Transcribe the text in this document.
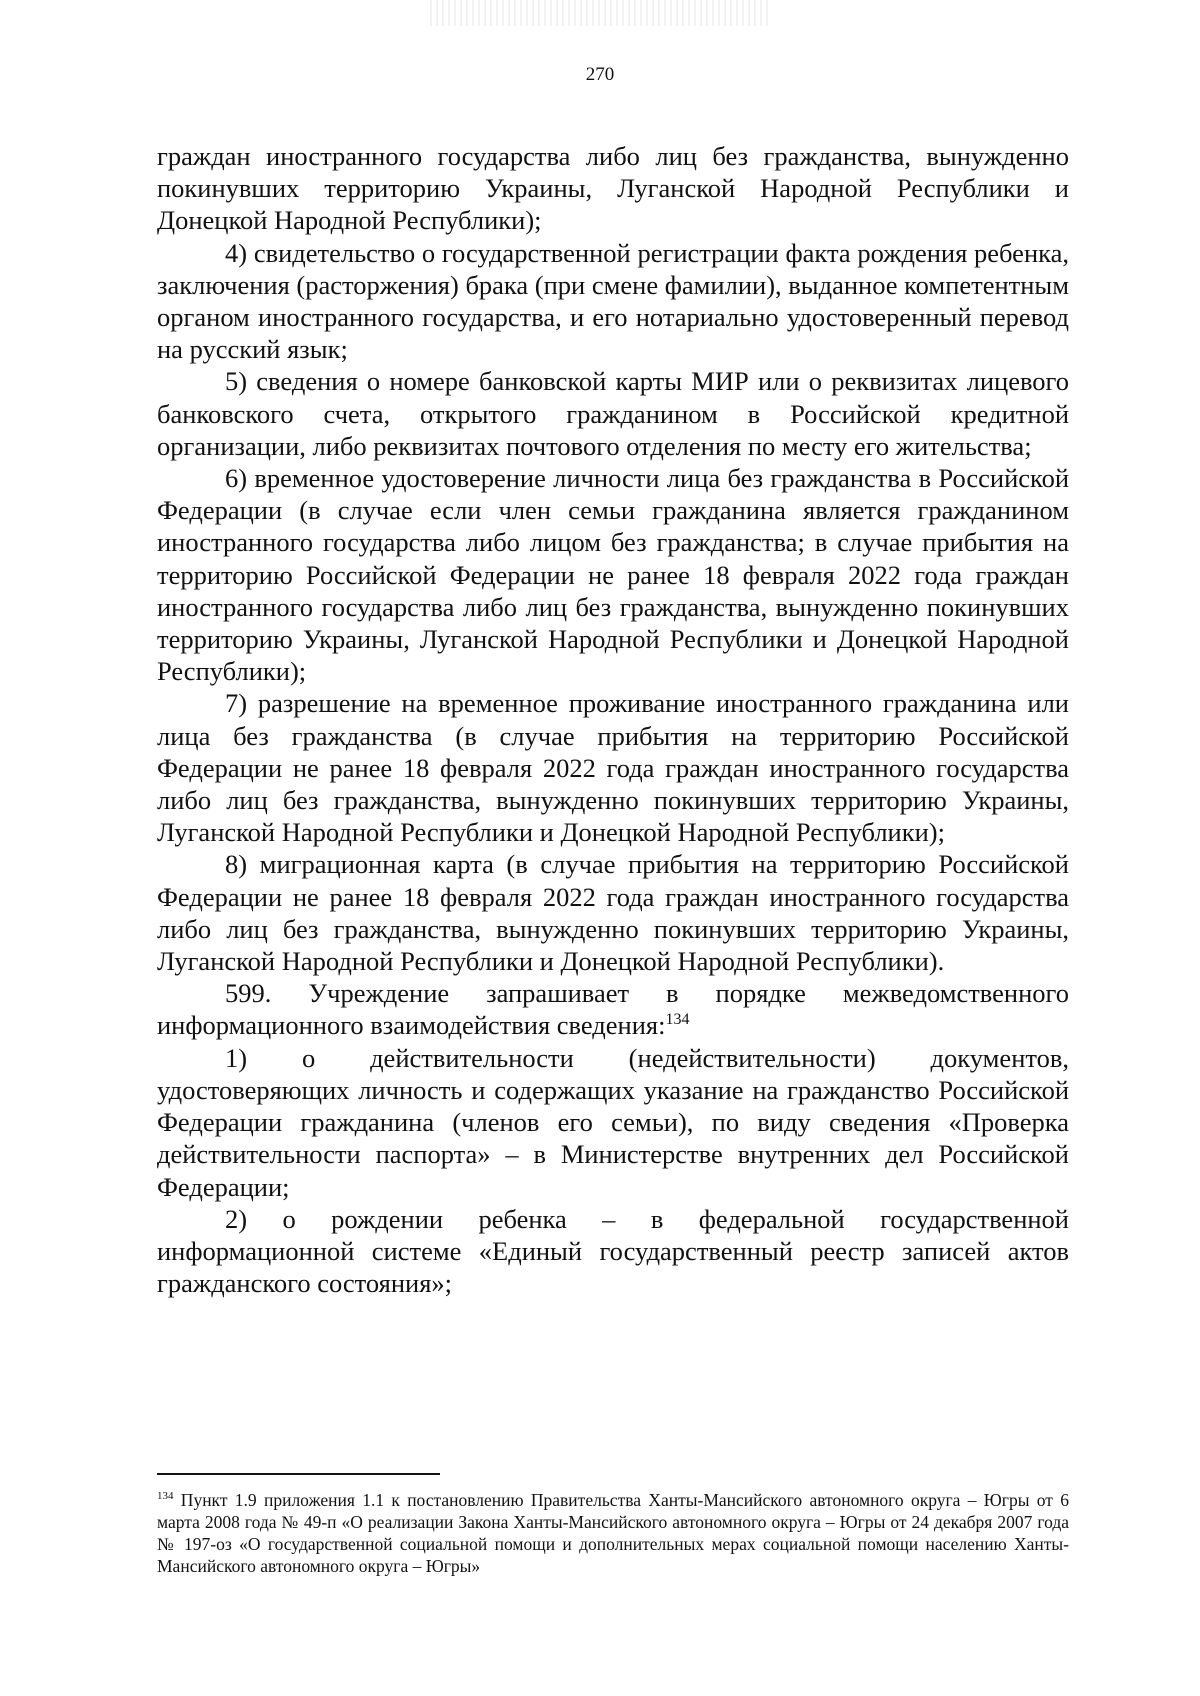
270

граждан иностранного государства либо лиц без гражданства, вынужденно покинувших территорию Украины, Луганской Народной Республики и Донецкой Народной Республики);

4) свидетельство о государственной регистрации факта рождения ребенка, заключения (расторжения) брака (при смене фамилии), выданное компетентным органом иностранного государства, и его нотариально удостоверенный перевод на русский язык;

5) сведения о номере банковской карты МИР или о реквизитах лицевого банковского счета, открытого гражданином в Российской кредитной организации, либо реквизитах почтового отделения по месту его жительства;

6) временное удостоверение личности лица без гражданства в Российской Федерации (в случае если член семьи гражданина является гражданином иностранного государства либо лицом без гражданства; в случае прибытия на территорию Российской Федерации не ранее 18 февраля 2022 года граждан иностранного государства либо лиц без гражданства, вынужденно покинувших территорию Украины, Луганской Народной Республики и Донецкой Народной Республики);

7) разрешение на временное проживание иностранного гражданина или лица без гражданства (в случае прибытия на территорию Российской Федерации не ранее 18 февраля 2022 года граждан иностранного государства либо лиц без гражданства, вынужденно покинувших территорию Украины, Луганской Народной Республики и Донецкой Народной Республики);

8) миграционная карта (в случае прибытия на территорию Российской Федерации не ранее 18 февраля 2022 года граждан иностранного государства либо лиц без гражданства, вынужденно покинувших территорию Украины, Луганской Народной Республики и Донецкой Народной Республики).

599. Учреждение запрашивает в порядке межведомственного информационного взаимодействия сведения:$^{134}$

1) о действительности (недействительности) документов, удостоверяющих личность и содержащих указание на гражданство Российской Федерации гражданина (членов его семьи), по виду сведения «Проверка действительности паспорта» – в Министерстве внутренних дел Российской Федерации;

2) о рождении ребенка – в федеральной государственной информационной системе «Единый государственный реестр записей актов гражданского состояния»;

$^{134}$ Пункт 1.9 приложения 1.1 к постановлению Правительства Ханты-Мансийского автономного округа – Югры от 6 марта 2008 года № 49-п «О реализации Закона Ханты-Мансийского автономного округа – Югры от 24 декабря 2007 года № 197-оз «О государственной социальной помощи и дополнительных мерах социальной помощи населению Ханты-Мансийского автономного округа – Югры»
